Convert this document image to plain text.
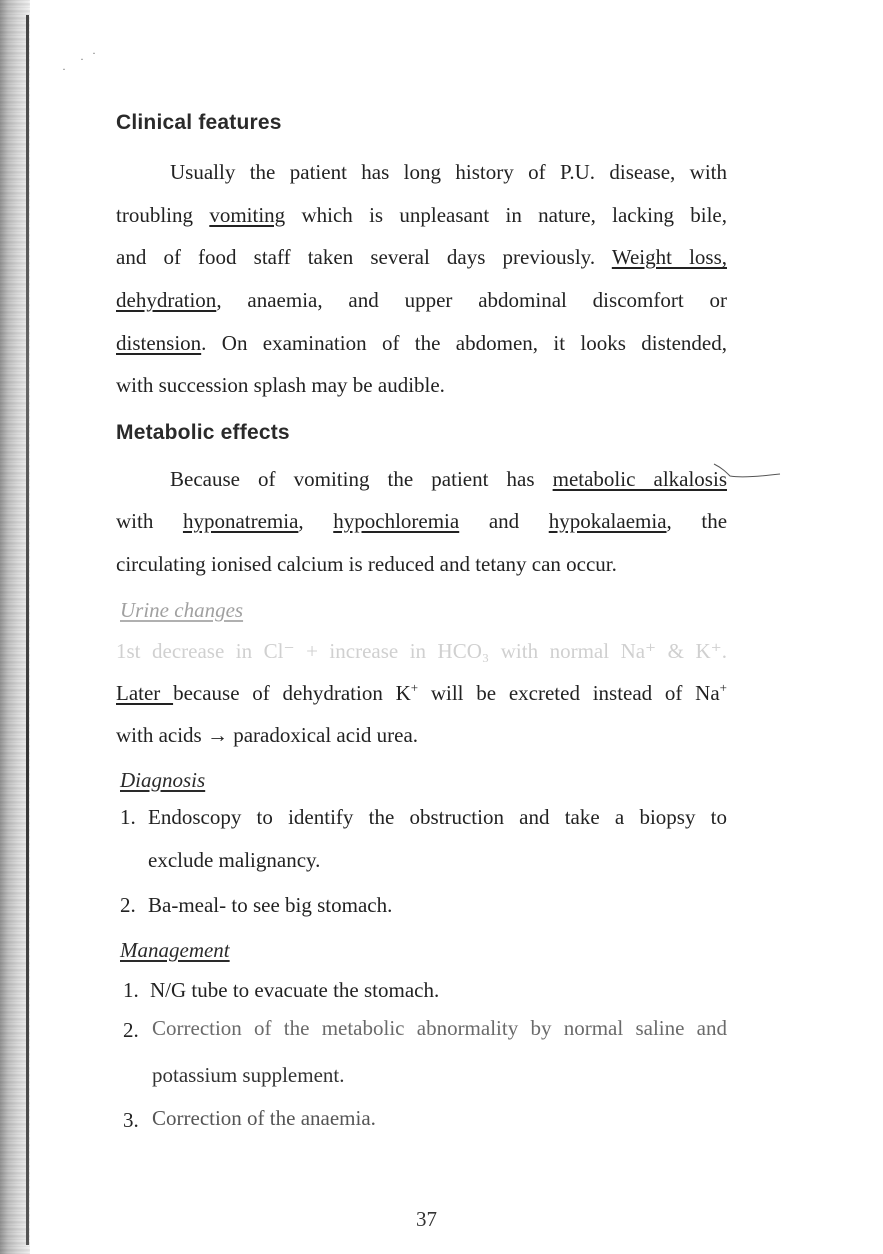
·
· ·
Clinical features
Usually the patient has long history of P.U. disease, with
troubling vomiting which is unpleasant in nature, lacking bile,
and of food staff taken several days previously. Weight loss,
dehydration, anaemia, and upper abdominal discomfort or
distension. On examination of the abdomen, it looks distended,
with succession splash may be audible.
Metabolic effects
Because of vomiting the patient has metabolic alkalosis
with hyponatremia, hypochloremia and hypokalaemia, the
circulating ionised calcium is reduced and tetany can occur.
Urine changes
1st decrease in Cl⁻ + increase in HCO₃ with normal Na⁺ & K⁺.
Later because of dehydration K+ will be excreted instead of Na+
with acids → paradoxical acid urea.
Diagnosis
1. Endoscopy to identify the obstruction and take a biopsy to
exclude malignancy.
2. Ba-meal- to see big stomach.
Management
1. N/G tube to evacuate the stomach.
2. Correction of the metabolic abnormality by normal saline and
potassium supplement.
3. Correction of the anaemia.
37
